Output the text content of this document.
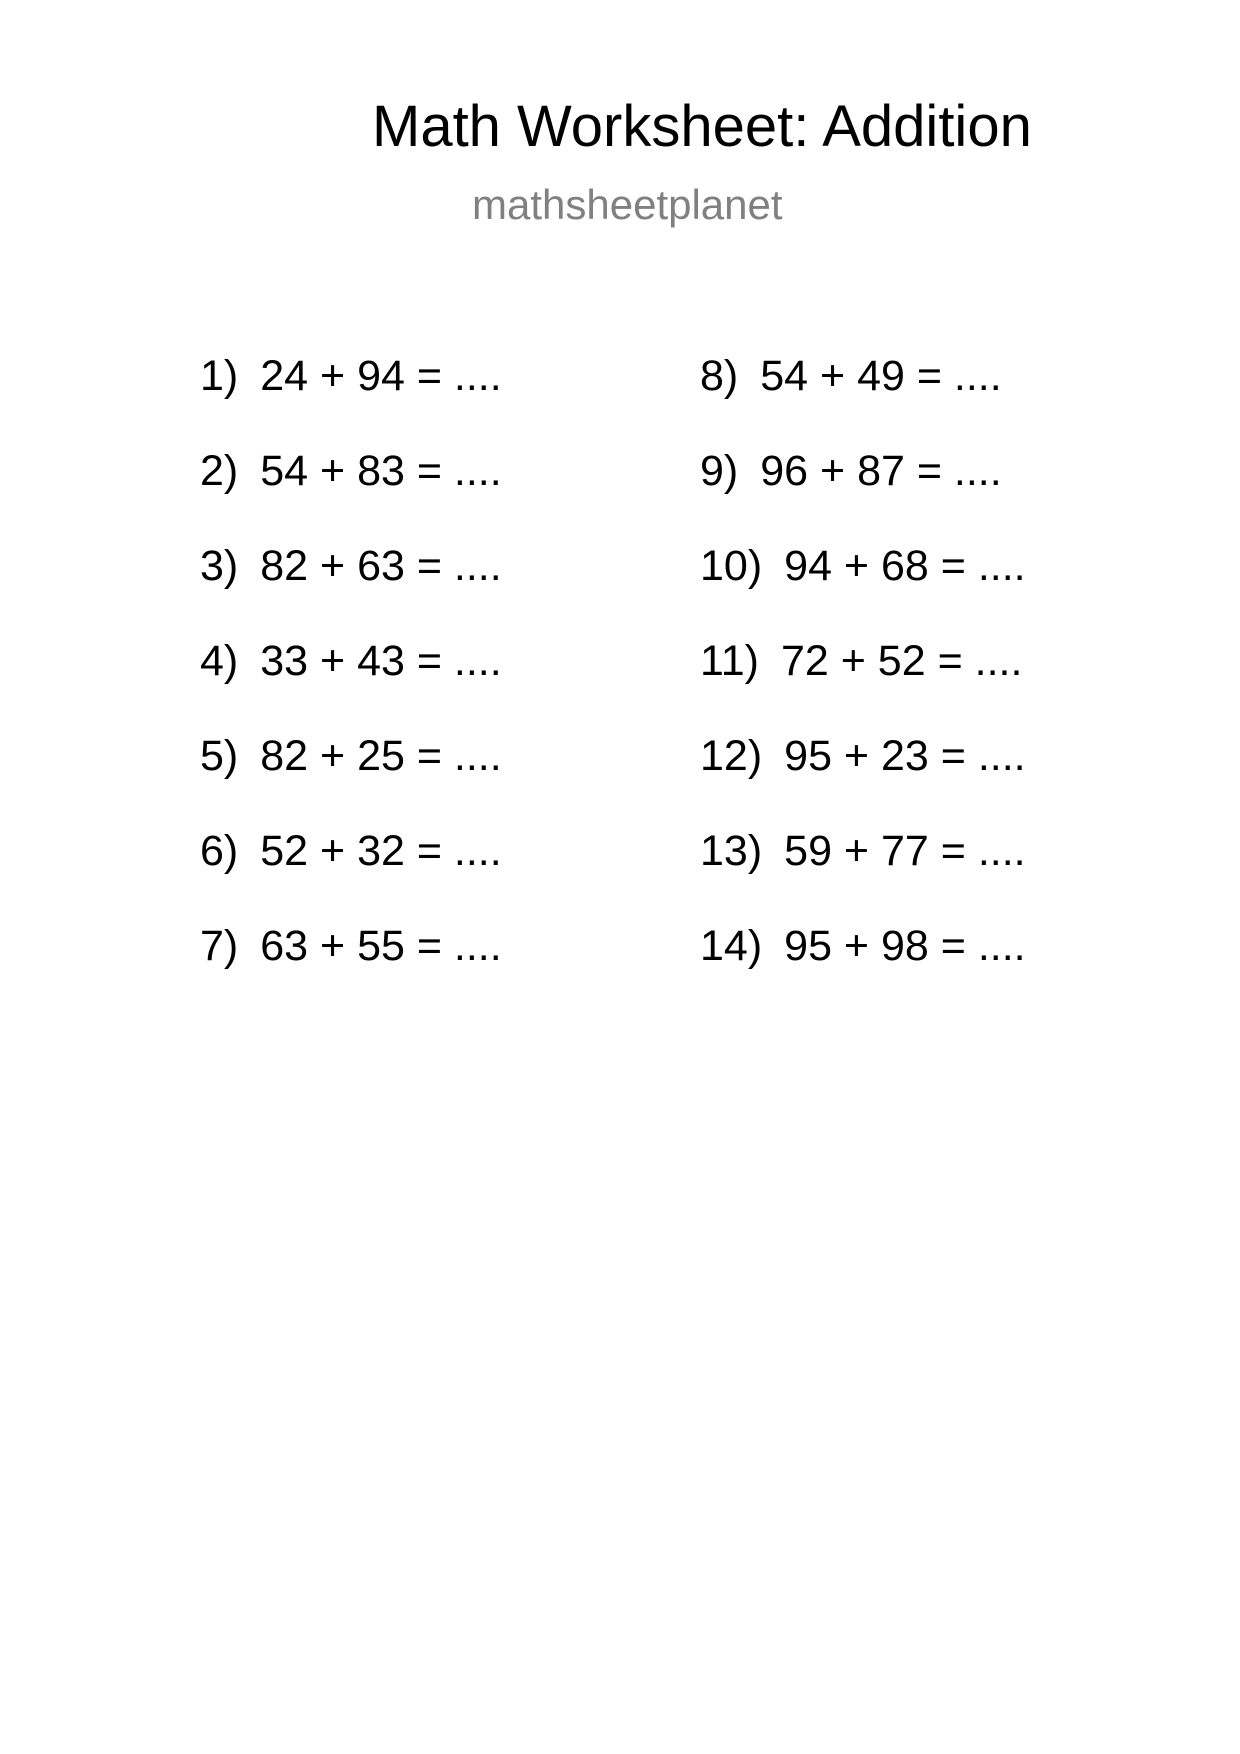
Math Worksheet: Addition
mathsheetplanet
1) 24 + 94 = ....
2) 54 + 83 = ....
3) 82 + 63 = ....
4) 33 + 43 = ....
5) 82 + 25 = ....
6) 52 + 32 = ....
7) 63 + 55 = ....
8) 54 + 49 = ....
9) 96 + 87 = ....
10) 94 + 68 = ....
11) 72 + 52 = ....
12) 95 + 23 = ....
13) 59 + 77 = ....
14) 95 + 98 = ....
